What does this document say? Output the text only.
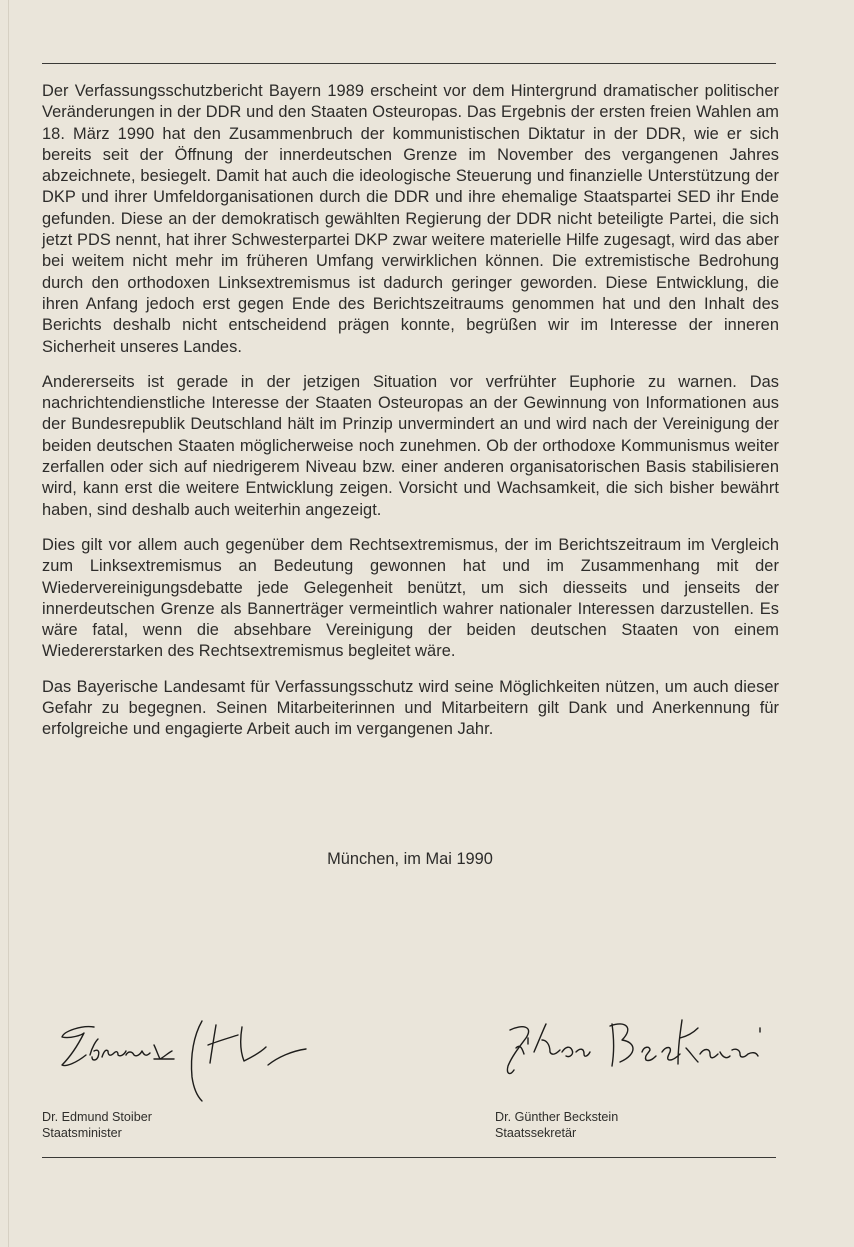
Der Verfassungsschutzbericht Bayern 1989 erscheint vor dem Hintergrund dramatischer politischer Veränderungen in der DDR und den Staaten Osteuropas. Das Ergebnis der ersten freien Wahlen am 18. März 1990 hat den Zusammenbruch der kommunistischen Diktatur in der DDR, wie er sich bereits seit der Öffnung der innerdeutschen Grenze im November des vergangenen Jahres abzeichnete, besiegelt. Damit hat auch die ideologische Steuerung und finanzielle Unterstützung der DKP und ihrer Umfeldorganisationen durch die DDR und ihre ehemalige Staatspartei SED ihr Ende gefunden. Diese an der demokratisch gewählten Regierung der DDR nicht beteiligte Partei, die sich jetzt PDS nennt, hat ihrer Schwesterpartei DKP zwar weitere materielle Hilfe zugesagt, wird das aber bei weitem nicht mehr im früheren Umfang verwirklichen können. Die extremistische Bedrohung durch den orthodoxen Linksextremismus ist dadurch geringer geworden. Diese Entwicklung, die ihren Anfang jedoch erst gegen Ende des Berichtszeitraums genommen hat und den Inhalt des Berichts deshalb nicht entscheidend prägen konnte, begrüßen wir im Interesse der inneren Sicherheit unseres Landes.

Andererseits ist gerade in der jetzigen Situation vor verfrühter Euphorie zu warnen. Das nachrichtendienstliche Interesse der Staaten Osteuropas an der Gewinnung von Informationen aus der Bundesrepublik Deutschland hält im Prinzip unvermindert an und wird nach der Vereinigung der beiden deutschen Staaten möglicherweise noch zunehmen. Ob der orthodoxe Kommunismus weiter zerfallen oder sich auf niedrigerem Niveau bzw. einer anderen organisatorischen Basis stabilisieren wird, kann erst die weitere Entwicklung zeigen. Vorsicht und Wachsamkeit, die sich bisher bewährt haben, sind deshalb auch weiterhin angezeigt.

Dies gilt vor allem auch gegenüber dem Rechtsextremismus, der im Berichtszeitraum im Vergleich zum Linksextremismus an Bedeutung gewonnen hat und im Zusammenhang mit der Wiedervereinigungsdebatte jede Gelegenheit benützt, um sich diesseits und jenseits der innerdeutschen Grenze als Bannerträger vermeintlich wahrer nationaler Interessen darzustellen. Es wäre fatal, wenn die absehbare Vereinigung der beiden deutschen Staaten von einem Wiedererstarken des Rechtsextremismus begleitet wäre.

Das Bayerische Landesamt für Verfassungsschutz wird seine Möglichkeiten nützen, um auch dieser Gefahr zu begegnen. Seinen Mitarbeiterinnen und Mitarbeitern gilt Dank und Anerkennung für erfolgreiche und engagierte Arbeit auch im vergangenen Jahr.

München, im Mai 1990
Dr. Edmund Stoiber
Staatsminister
Dr. Günther Beckstein
Staatssekretär
